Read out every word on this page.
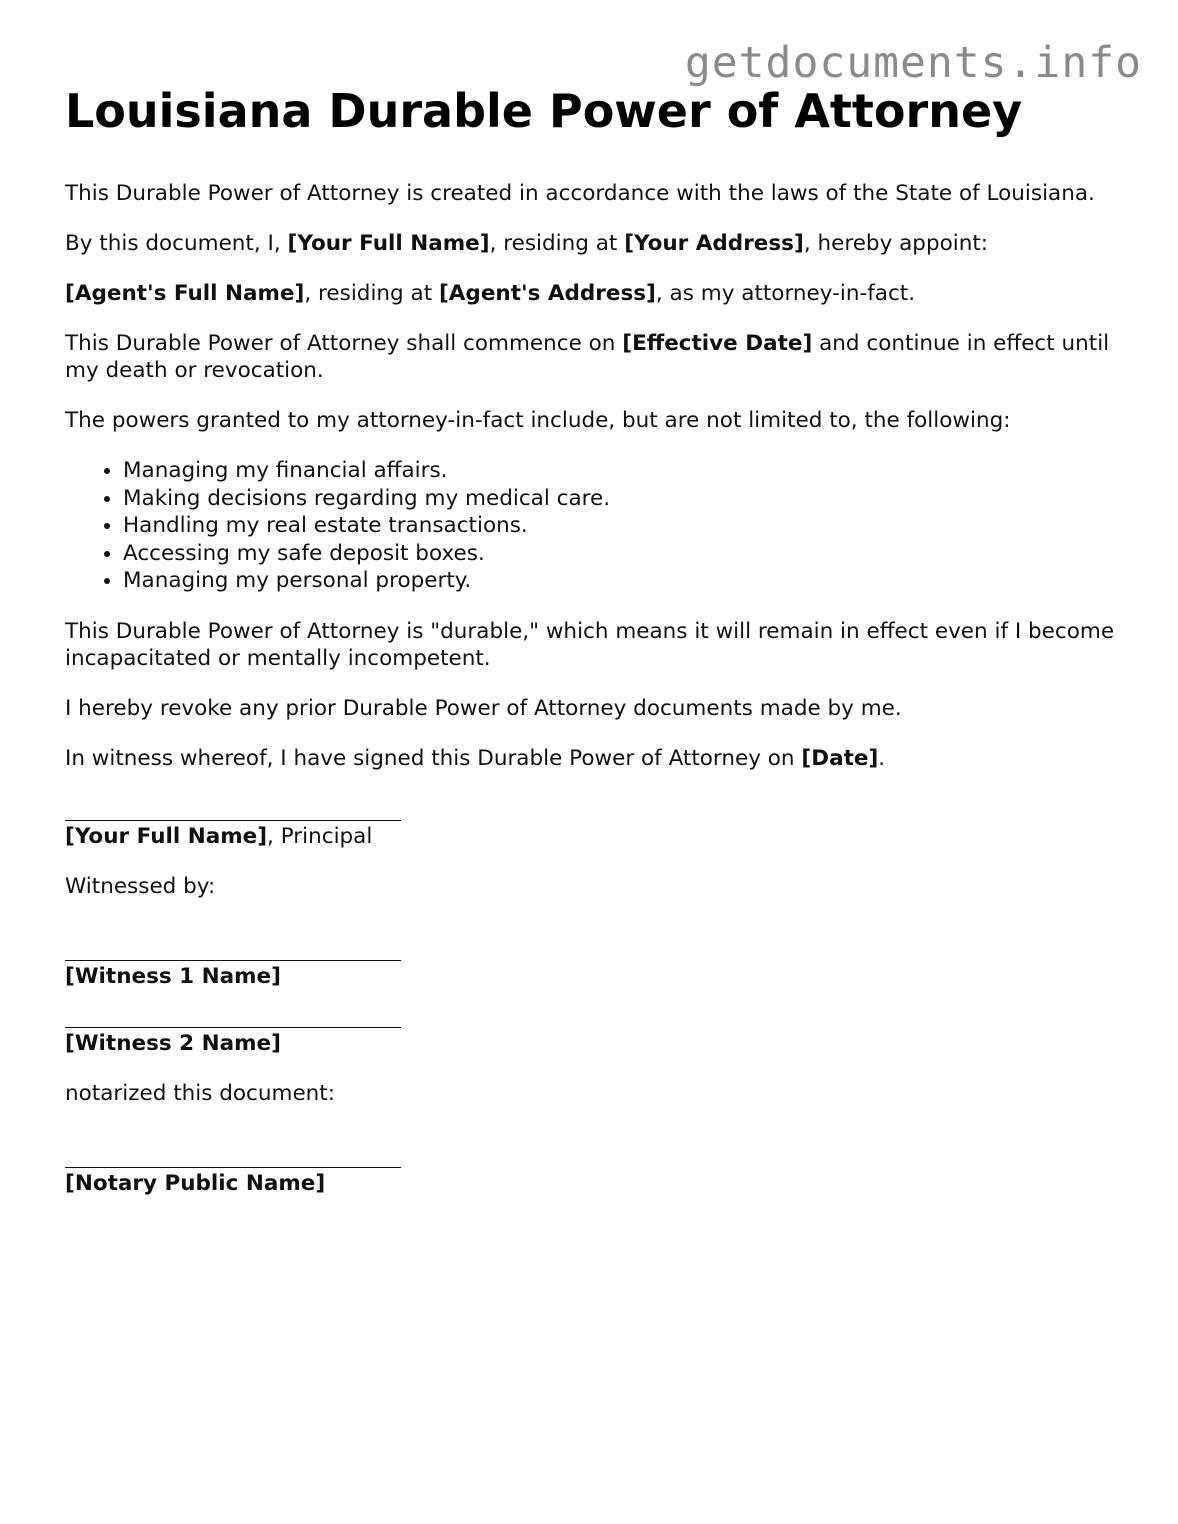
getdocuments.info
Louisiana Durable Power of Attorney

This Durable Power of Attorney is created in accordance with the laws of the State of Louisiana.

By this document, I, [Your Full Name], residing at [Your Address], hereby appoint:

[Agent's Full Name], residing at [Agent's Address], as my attorney-in-fact.

This Durable Power of Attorney shall commence on [Effective Date] and continue in effect until my death or revocation.

The powers granted to my attorney-in-fact include, but are not limited to, the following:

• Managing my financial affairs.
• Making decisions regarding my medical care.
• Handling my real estate transactions.
• Accessing my safe deposit boxes.
• Managing my personal property.

This Durable Power of Attorney is "durable," which means it will remain in effect even if I become incapacitated or mentally incompetent.

I hereby revoke any prior Durable Power of Attorney documents made by me.

In witness whereof, I have signed this Durable Power of Attorney on [Date].

[Your Full Name], Principal

Witnessed by:

[Witness 1 Name]
[Witness 2 Name]

notarized this document:

[Notary Public Name]
